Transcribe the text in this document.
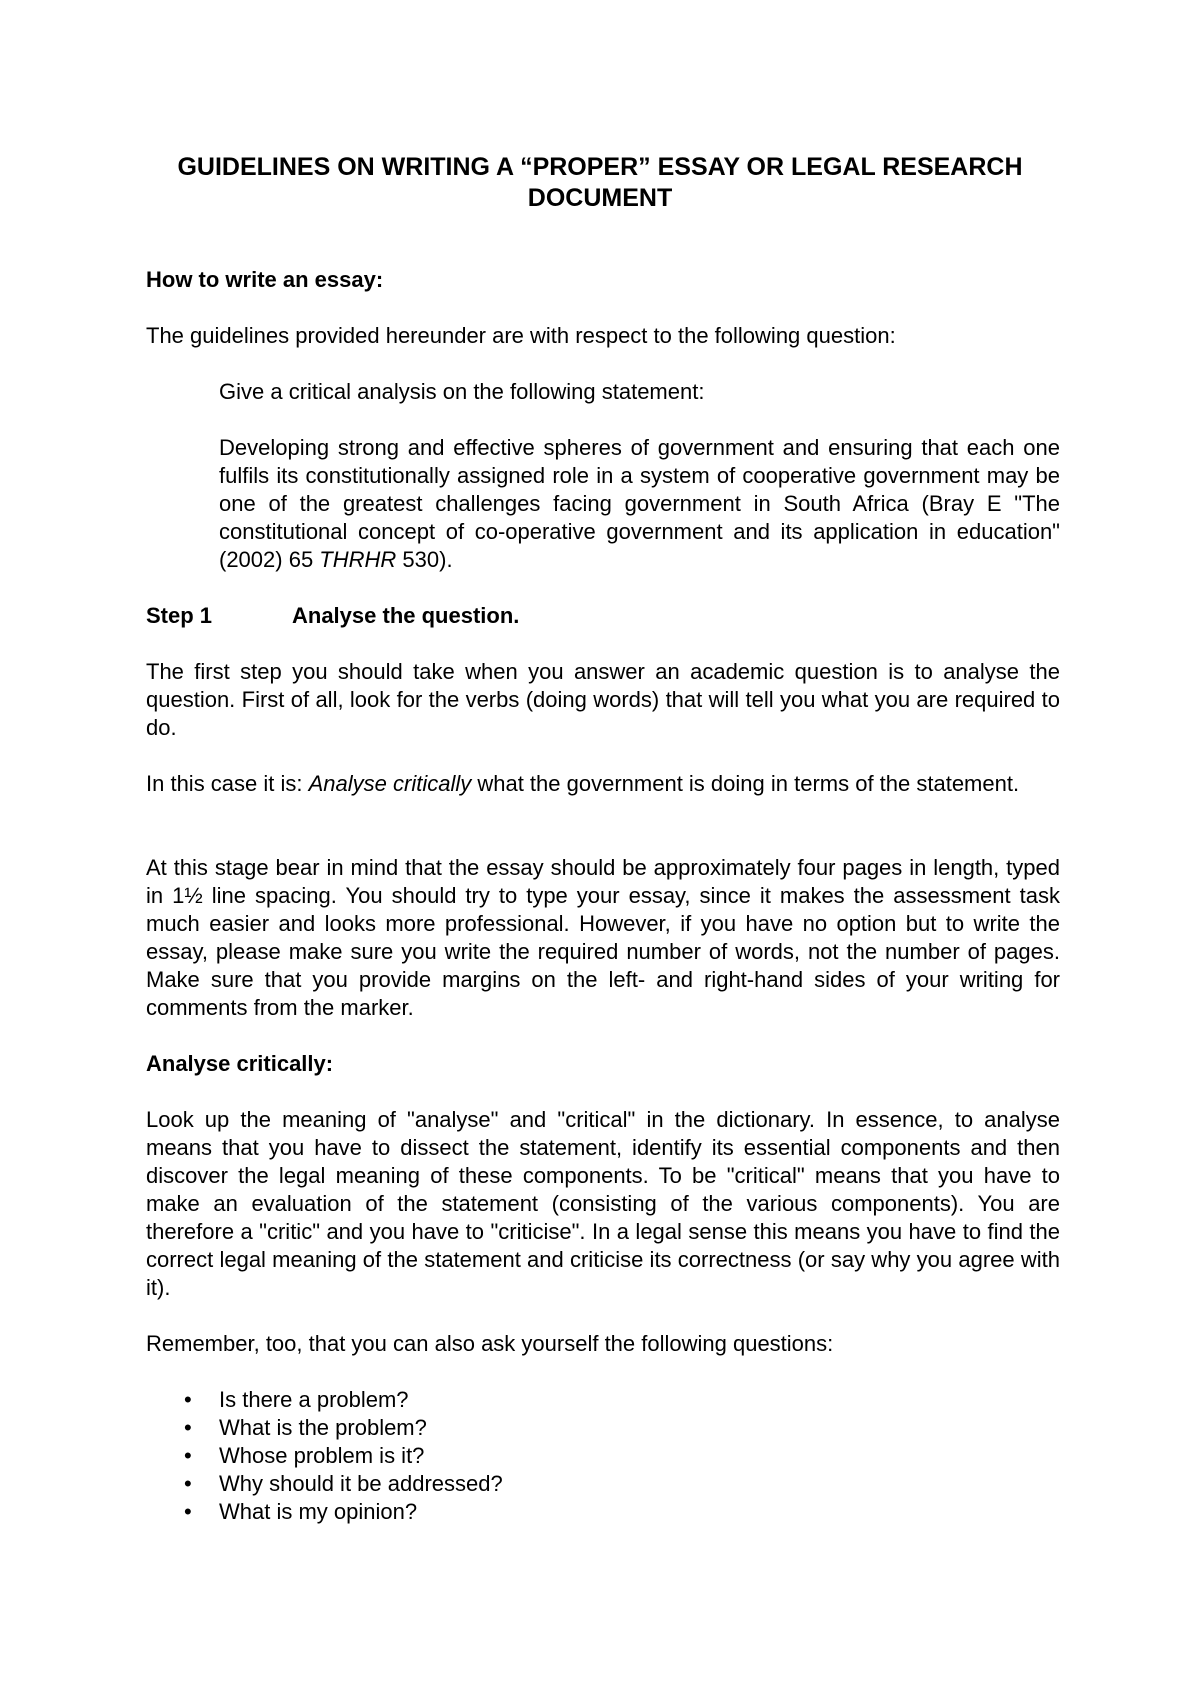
GUIDELINES ON WRITING A “PROPER” ESSAY OR LEGAL RESEARCH
DOCUMENT
How to write an essay:
The guidelines provided hereunder are with respect to the following question:
Give a critical analysis on the following statement:
Developing strong and effective spheres of government and ensuring that each one fulfils its constitutionally assigned role in a system of cooperative government may be one of the greatest challenges facing government in South Africa (Bray E "The constitutional concept of co-operative government and its application in education" (2002) 65 THRHR 530).
Step 1	Analyse the question.
The first step you should take when you answer an academic question is to analyse the question. First of all, look for the verbs (doing words) that will tell you what you are required to do.
In this case it is: Analyse critically what the government is doing in terms of the statement.
At this stage bear in mind that the essay should be approximately four pages in length, typed in 1½ line spacing. You should try to type your essay, since it makes the assessment task much easier and looks more professional. However, if you have no option but to write the essay, please make sure you write the required number of words, not the number of pages. Make sure that you provide margins on the left- and right-hand sides of your writing for comments from the marker.
Analyse critically:
Look up the meaning of "analyse" and "critical" in the dictionary. In essence, to analyse means that you have to dissect the statement, identify its essential components and then discover the legal meaning of these components. To be "critical" means that you have to make an evaluation of the statement (consisting of the various components). You are therefore a "critic" and you have to "criticise". In a legal sense this means you have to find the correct legal meaning of the statement and criticise its correctness (or say why you agree with it).
Remember, too, that you can also ask yourself the following questions:
• Is there a problem?
• What is the problem?
• Whose problem is it?
• Why should it be addressed?
• What is my opinion?
